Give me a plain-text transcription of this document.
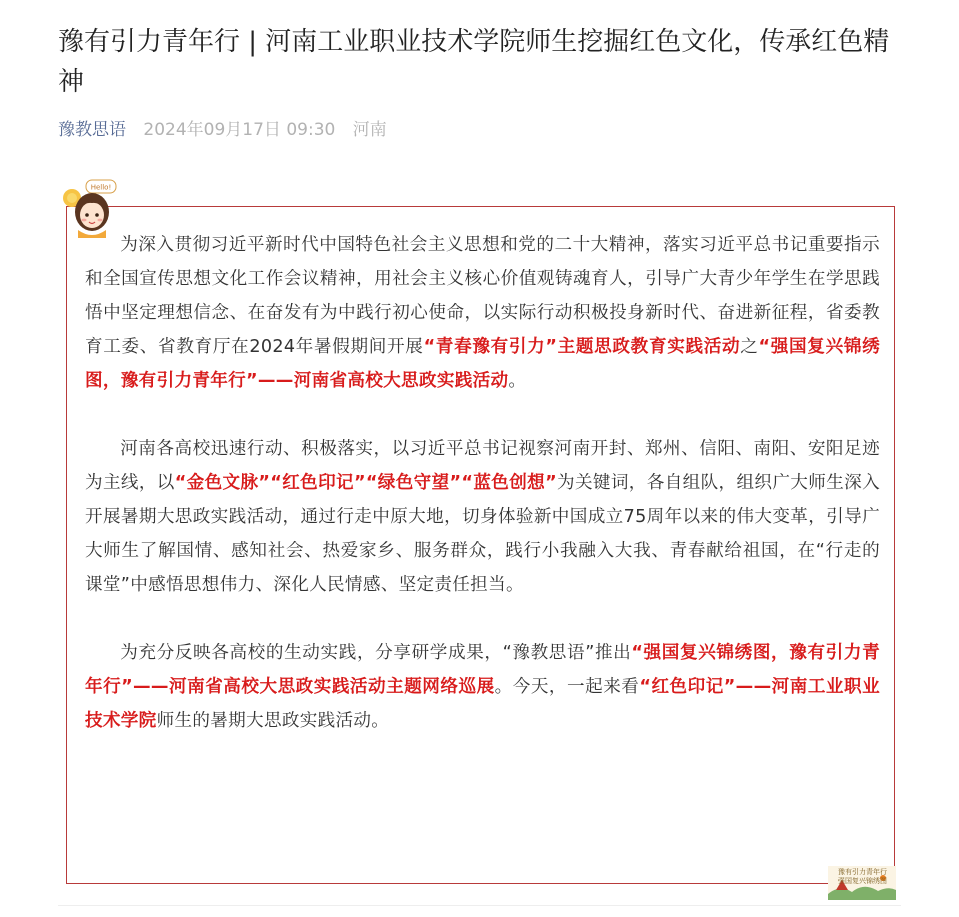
豫有引力青年行 | 河南工业职业技术学院师生挖掘红色文化，传承红色精神
豫教思语 2024年09月17日 09:30 河南
Hello!

为深入贯彻习近平新时代中国特色社会主义思想和党的二十大精神，落实习近平总书记重要指示和全国宣传思想文化工作会议精神，用社会主义核心价值观铸魂育人，引导广大青少年学生在学思践悟中坚定理想信念、在奋发有为中践行初心使命，以实际行动积极投身新时代、奋进新征程，省委教育工委、省教育厅在2024年暑假期间开展“青春豫有引力”主题思政教育实践活动之“强国复兴锦绣图，豫有引力青年行”——河南省高校大思政实践活动。

河南各高校迅速行动、积极落实，以习近平总书记视察河南开封、郑州、信阳、南阳、安阳足迹为主线，以“金色文脉”“红色印记”“绿色守望”“蓝色创想”为关键词，各自组队，组织广大师生深入开展暑期大思政实践活动，通过行走中原大地，切身体验新中国成立75周年以来的伟大变革，引导广大师生了解国情、感知社会、热爱家乡、服务群众，践行小我融入大我、青春献给祖国，在“行走的课堂”中感悟思想伟力、深化人民情感、坚定责任担当。

为充分反映各高校的生动实践，分享研学成果，“豫教思语”推出“强国复兴锦绣图，豫有引力青年行”——河南省高校大思政实践活动主题网络巡展。今天，一起来看“红色印记”——河南工业职业技术学院师生的暑期大思政实践活动。

豫有引力青年行
强国复兴锦绣图
